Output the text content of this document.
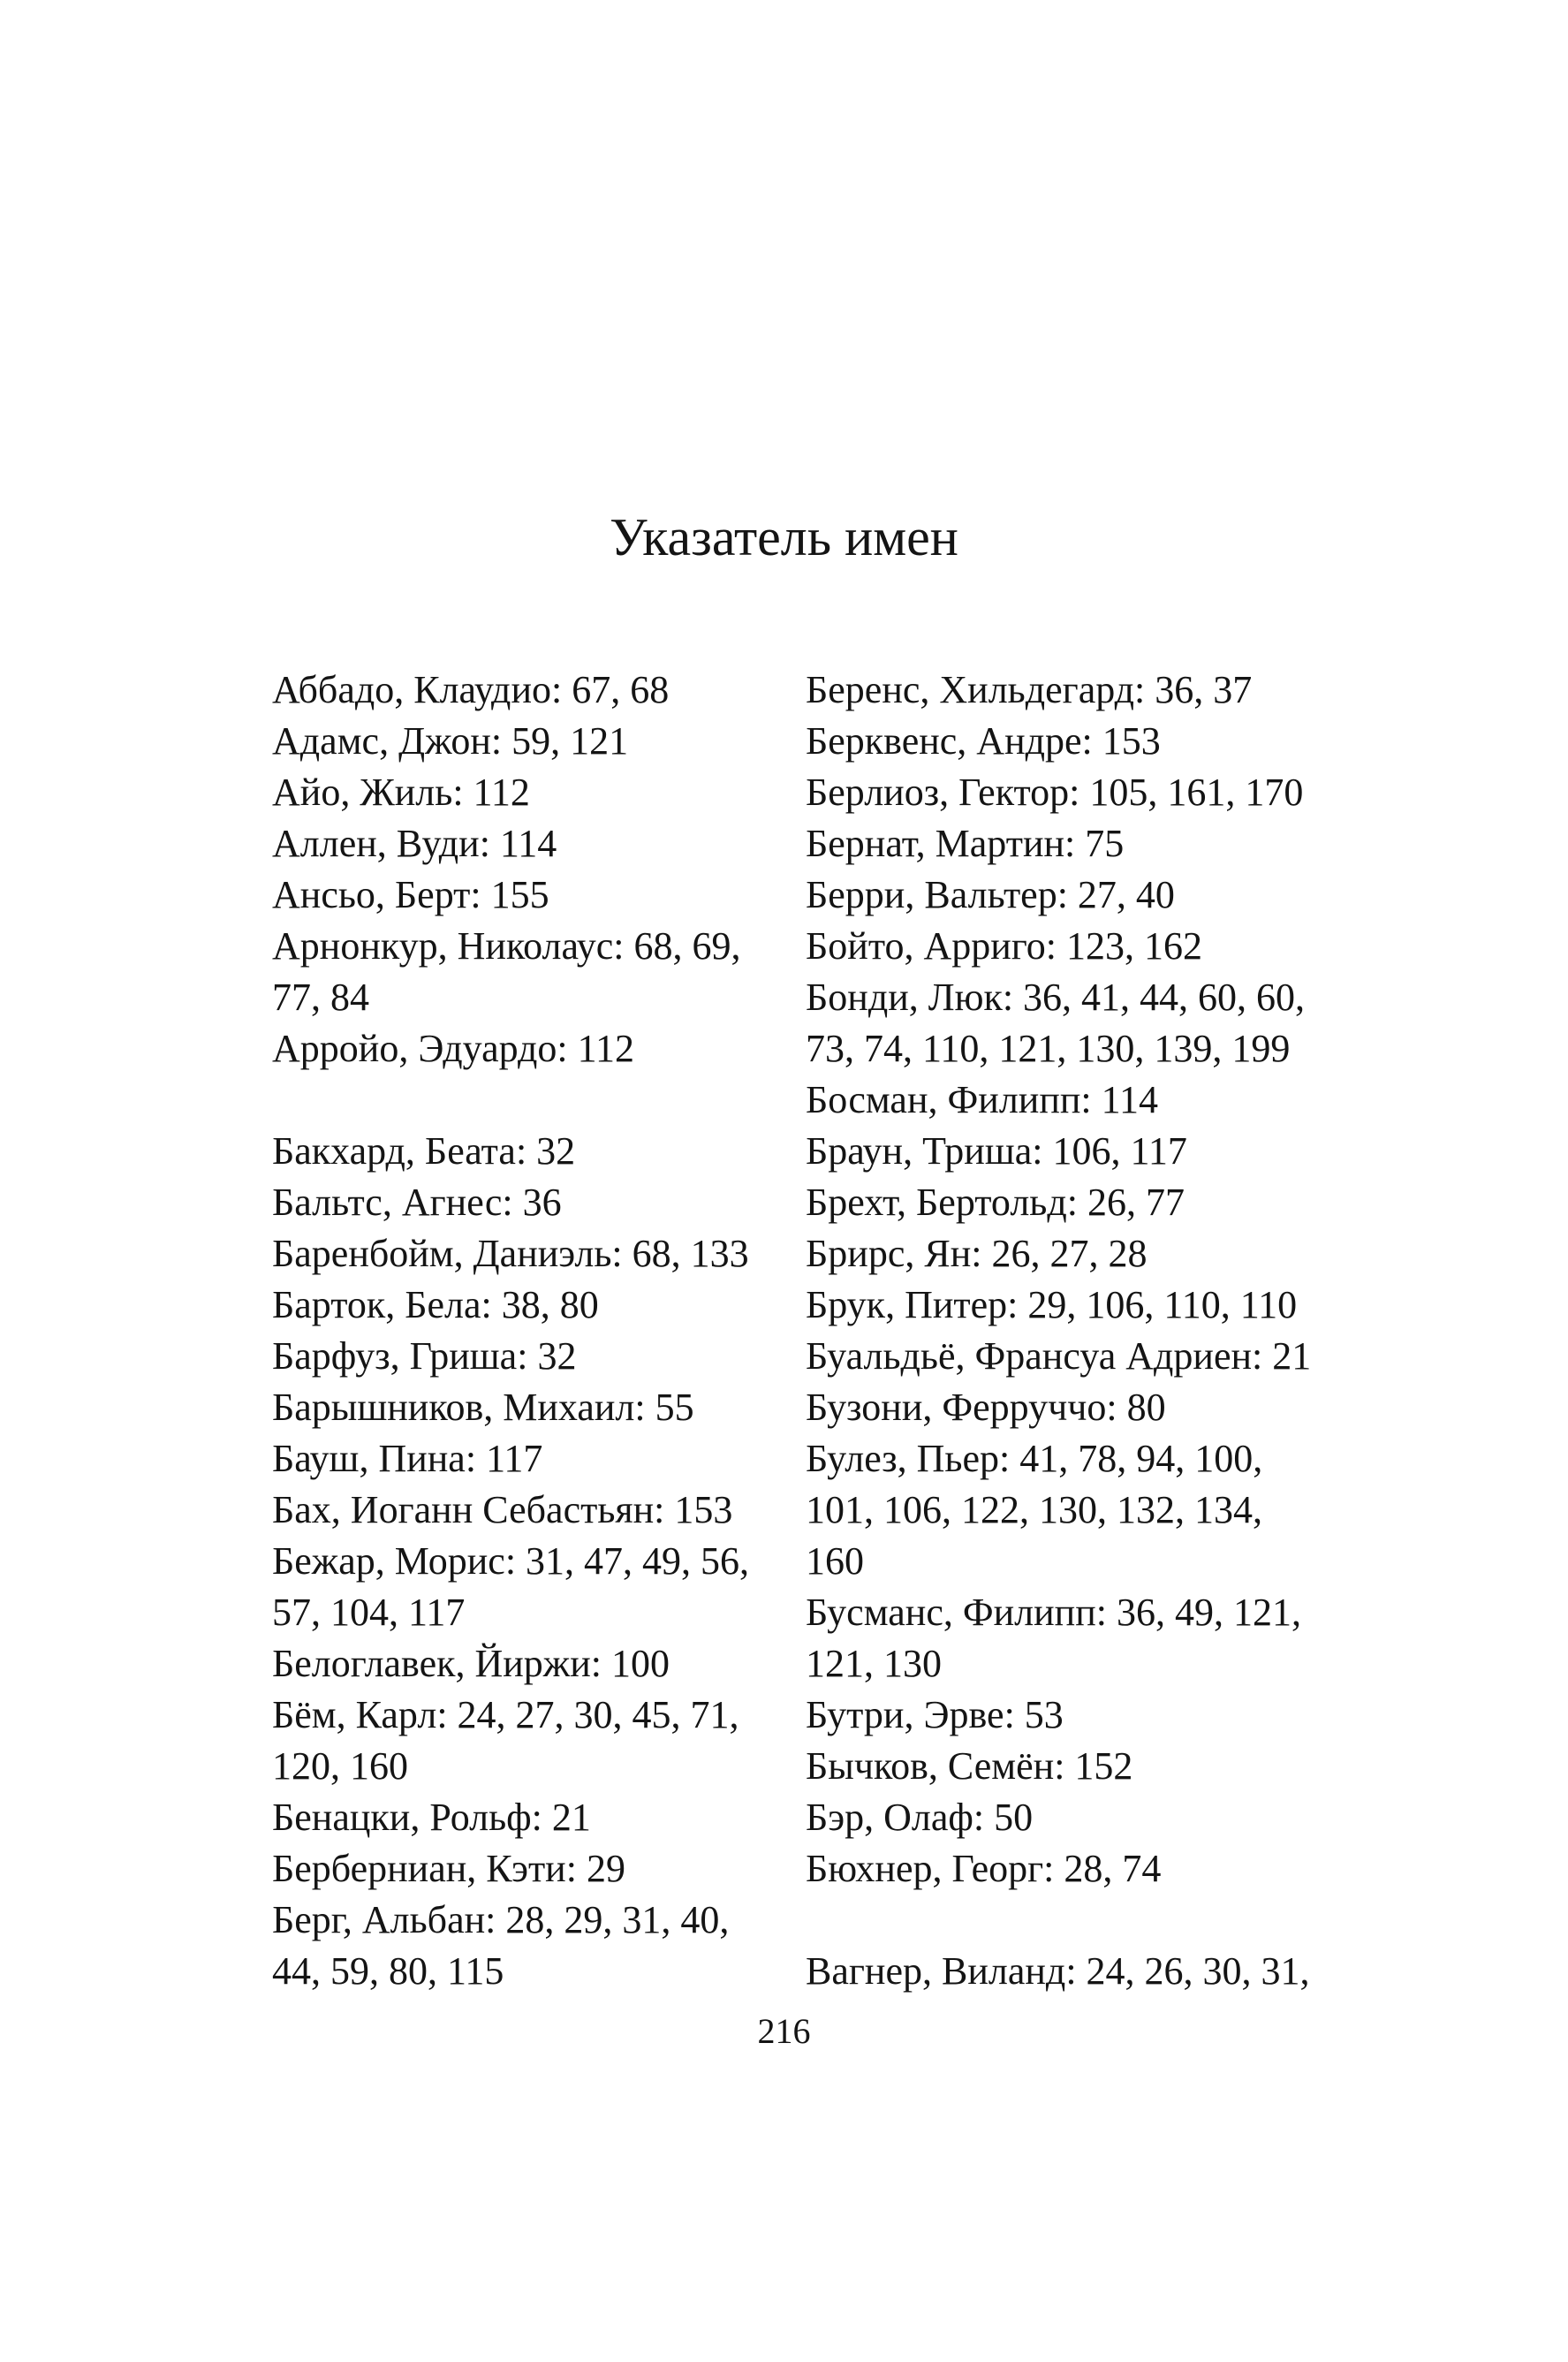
Указатель имен
Аббадо, Клаудио: 67, 68
Адамс, Джон: 59, 121
Айо, Жиль: 112
Аллен, Вуди: 114
Ансьо, Берт: 155
Арнонкур, Николаус: 68, 69,
77, 84
Арройо, Эдуардо: 112
Бакхард, Беата: 32
Бальтс, Агнес: 36
Баренбойм, Даниэль: 68, 133
Барток, Бела: 38, 80
Барфуз, Гриша: 32
Барышников, Михаил: 55
Бауш, Пина: 117
Бах, Иоганн Себастьян: 153
Бежар, Морис: 31, 47, 49, 56,
57, 104, 117
Белоглавек, Йиржи: 100
Бём, Карл: 24, 27, 30, 45, 71,
120, 160
Бенацки, Рольф: 21
Берберниан, Кэти: 29
Берг, Альбан: 28, 29, 31, 40,
44, 59, 80, 115
Беренс, Хильдегард: 36, 37
Берквенс, Андре: 153
Берлиоз, Гектор: 105, 161, 170
Бернат, Мартин: 75
Берри, Вальтер: 27, 40
Бойто, Арриго: 123, 162
Бонди, Люк: 36, 41, 44, 60, 60,
73, 74, 110, 121, 130, 139, 199
Босман, Филипп: 114
Браун, Триша: 106, 117
Брехт, Бертольд: 26, 77
Брирс, Ян: 26, 27, 28
Брук, Питер: 29, 106, 110, 110
Буальдьё, Франсуа Адриен: 21
Бузони, Ферруччо: 80
Булез, Пьер: 41, 78, 94, 100,
101, 106, 122, 130, 132, 134,
160
Бусманс, Филипп: 36, 49, 121,
121, 130
Бутри, Эрве: 53
Бычков, Семён: 152
Бэр, Олаф: 50
Бюхнер, Георг: 28, 74
Вагнер, Виланд: 24, 26, 30, 31,
216
